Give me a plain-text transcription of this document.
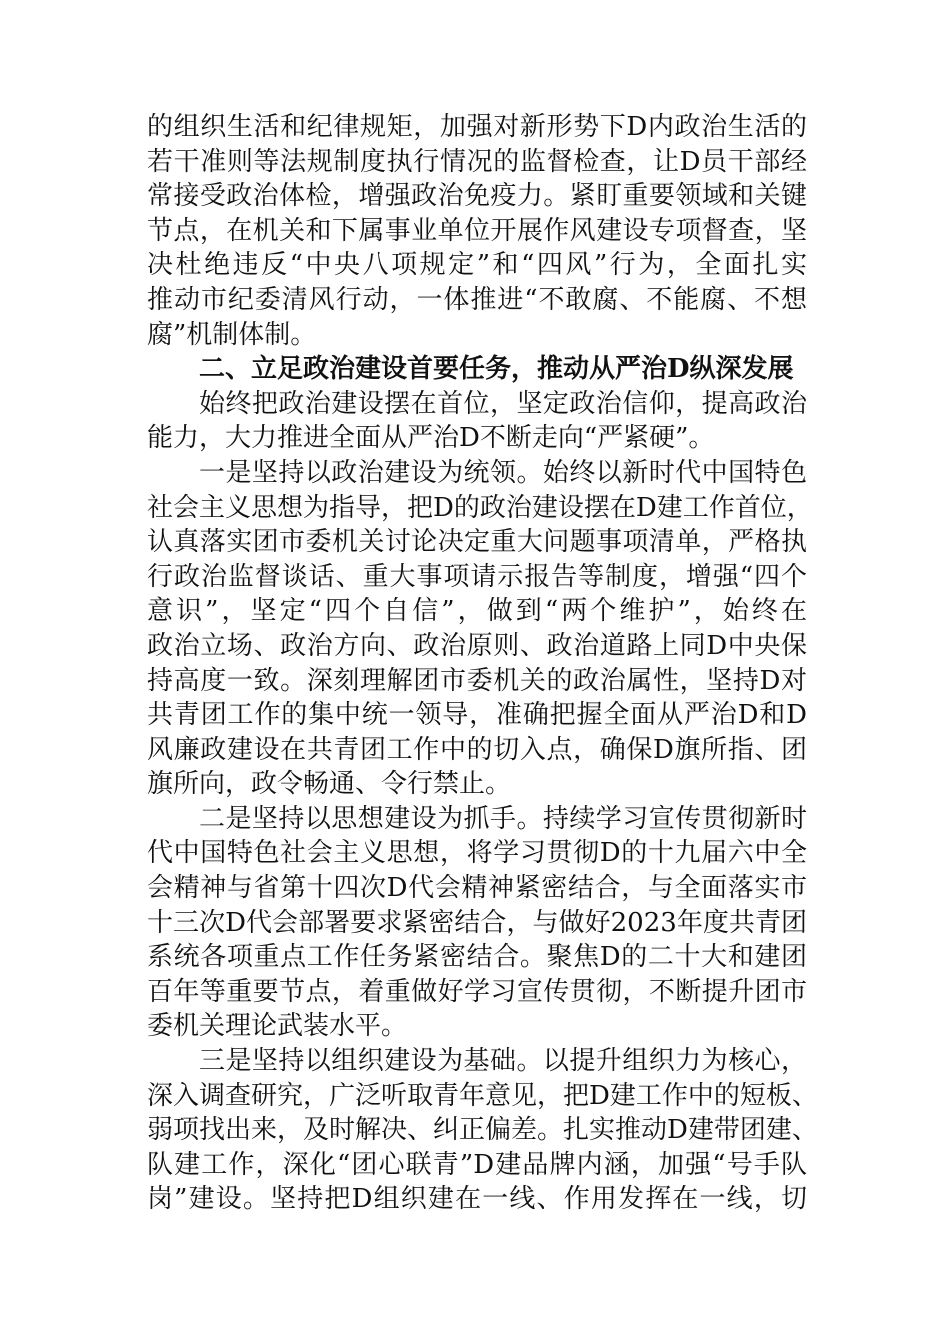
的组织生活和纪律规矩，加强对新形势下D内政治生活的
若干准则等法规制度执行情况的监督检查，让D员干部经
常接受政治体检，增强政治免疫力。紧盯重要领域和关键
节点，在机关和下属事业单位开展作风建设专项督查，坚
决杜绝违反“中央八项规定”和“四风”行为，全面扎实
推动市纪委清风行动，一体推进“不敢腐、不能腐、不想
腐”机制体制。
二、立足政治建设首要任务，推动从严治D纵深发展
始终把政治建设摆在首位，坚定政治信仰，提高政治
能力，大力推进全面从严治D不断走向“严紧硬”。
一是坚持以政治建设为统领。始终以新时代中国特色
社会主义思想为指导，把D的政治建设摆在D建工作首位，
认真落实团市委机关讨论决定重大问题事项清单，严格执
行政治监督谈话、重大事项请示报告等制度，增强“四个
意识”，坚定“四个自信”，做到“两个维护”，始终在
政治立场、政治方向、政治原则、政治道路上同D中央保
持高度一致。深刻理解团市委机关的政治属性，坚持D对
共青团工作的集中统一领导，准确把握全面从严治D和D
风廉政建设在共青团工作中的切入点，确保D旗所指、团
旗所向，政令畅通、令行禁止。
二是坚持以思想建设为抓手。持续学习宣传贯彻新时
代中国特色社会主义思想，将学习贯彻D的十九届六中全
会精神与省第十四次D代会精神紧密结合，与全面落实市
十三次D代会部署要求紧密结合，与做好2023年度共青团
系统各项重点工作任务紧密结合。聚焦D的二十大和建团
百年等重要节点，着重做好学习宣传贯彻，不断提升团市
委机关理论武装水平。
三是坚持以组织建设为基础。以提升组织力为核心，
深入调查研究，广泛听取青年意见，把D建工作中的短板、
弱项找出来，及时解决、纠正偏差。扎实推动D建带团建、
队建工作，深化“团心联青”D建品牌内涵，加强“号手队
岗”建设。坚持把D组织建在一线、作用发挥在一线，切
